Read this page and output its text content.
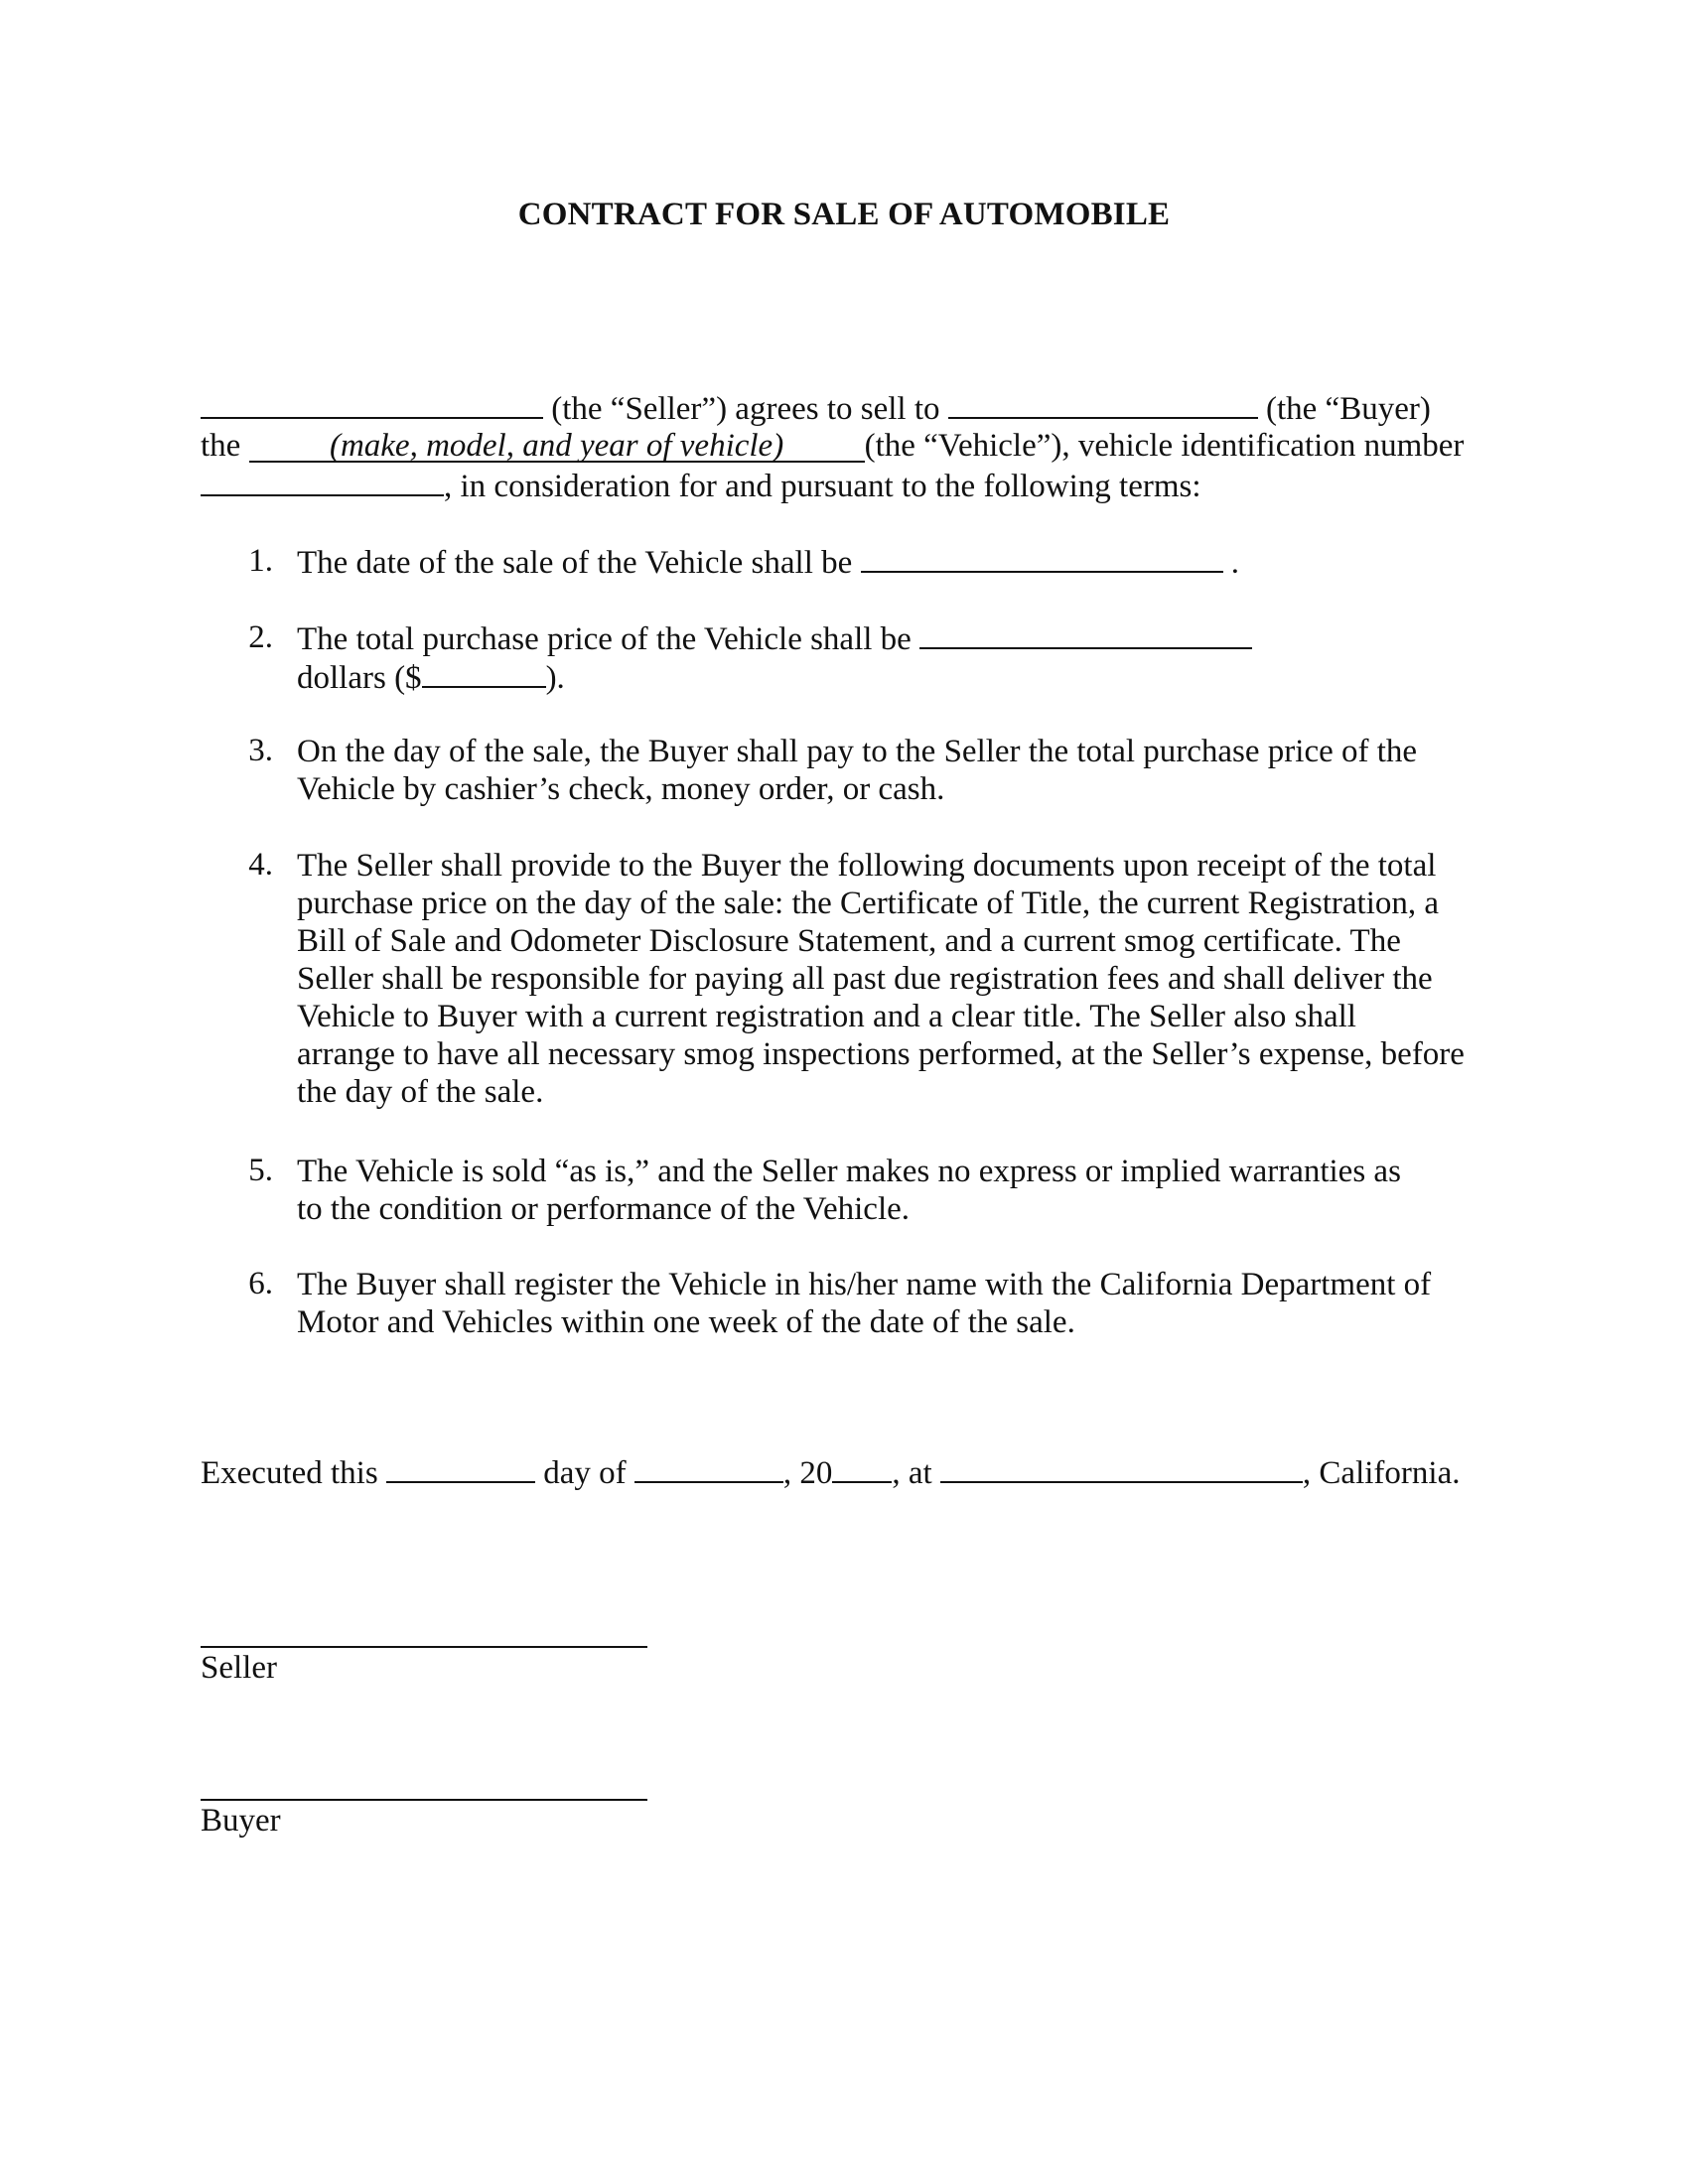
CONTRACT FOR SALE OF AUTOMOBILE
(the “Seller”) agrees to sell to	(the “Buyer)
the	(make, model, and year of vehicle) (the “Vehicle”), vehicle identification number
, in consideration for and pursuant to the following terms:
1. The date of the sale of the Vehicle shall be	.
2. The total purchase price of the Vehicle shall be
dollars ($	).
3. On the day of the sale, the Buyer shall pay to the Seller the total purchase price of the
Vehicle by cashier’s check, money order, or cash.
4. The Seller shall provide to the Buyer the following documents upon receipt of the total
purchase price on the day of the sale: the Certificate of Title, the current Registration, a
Bill of Sale and Odometer Disclosure Statement, and a current smog certificate. The
Seller shall be responsible for paying all past due registration fees and shall deliver the
Vehicle to Buyer with a current registration and a clear title. The Seller also shall
arrange to have all necessary smog inspections performed, at the Seller’s expense, before
the day of the sale.
5. The Vehicle is sold “as is,” and the Seller makes no express or implied warranties as
to the condition or performance of the Vehicle.
6. The Buyer shall register the Vehicle in his/her name with the California Department of
Motor and Vehicles within one week of the date of the sale.
Executed this	day of	, 20 , at	, California.
Seller
Buyer
